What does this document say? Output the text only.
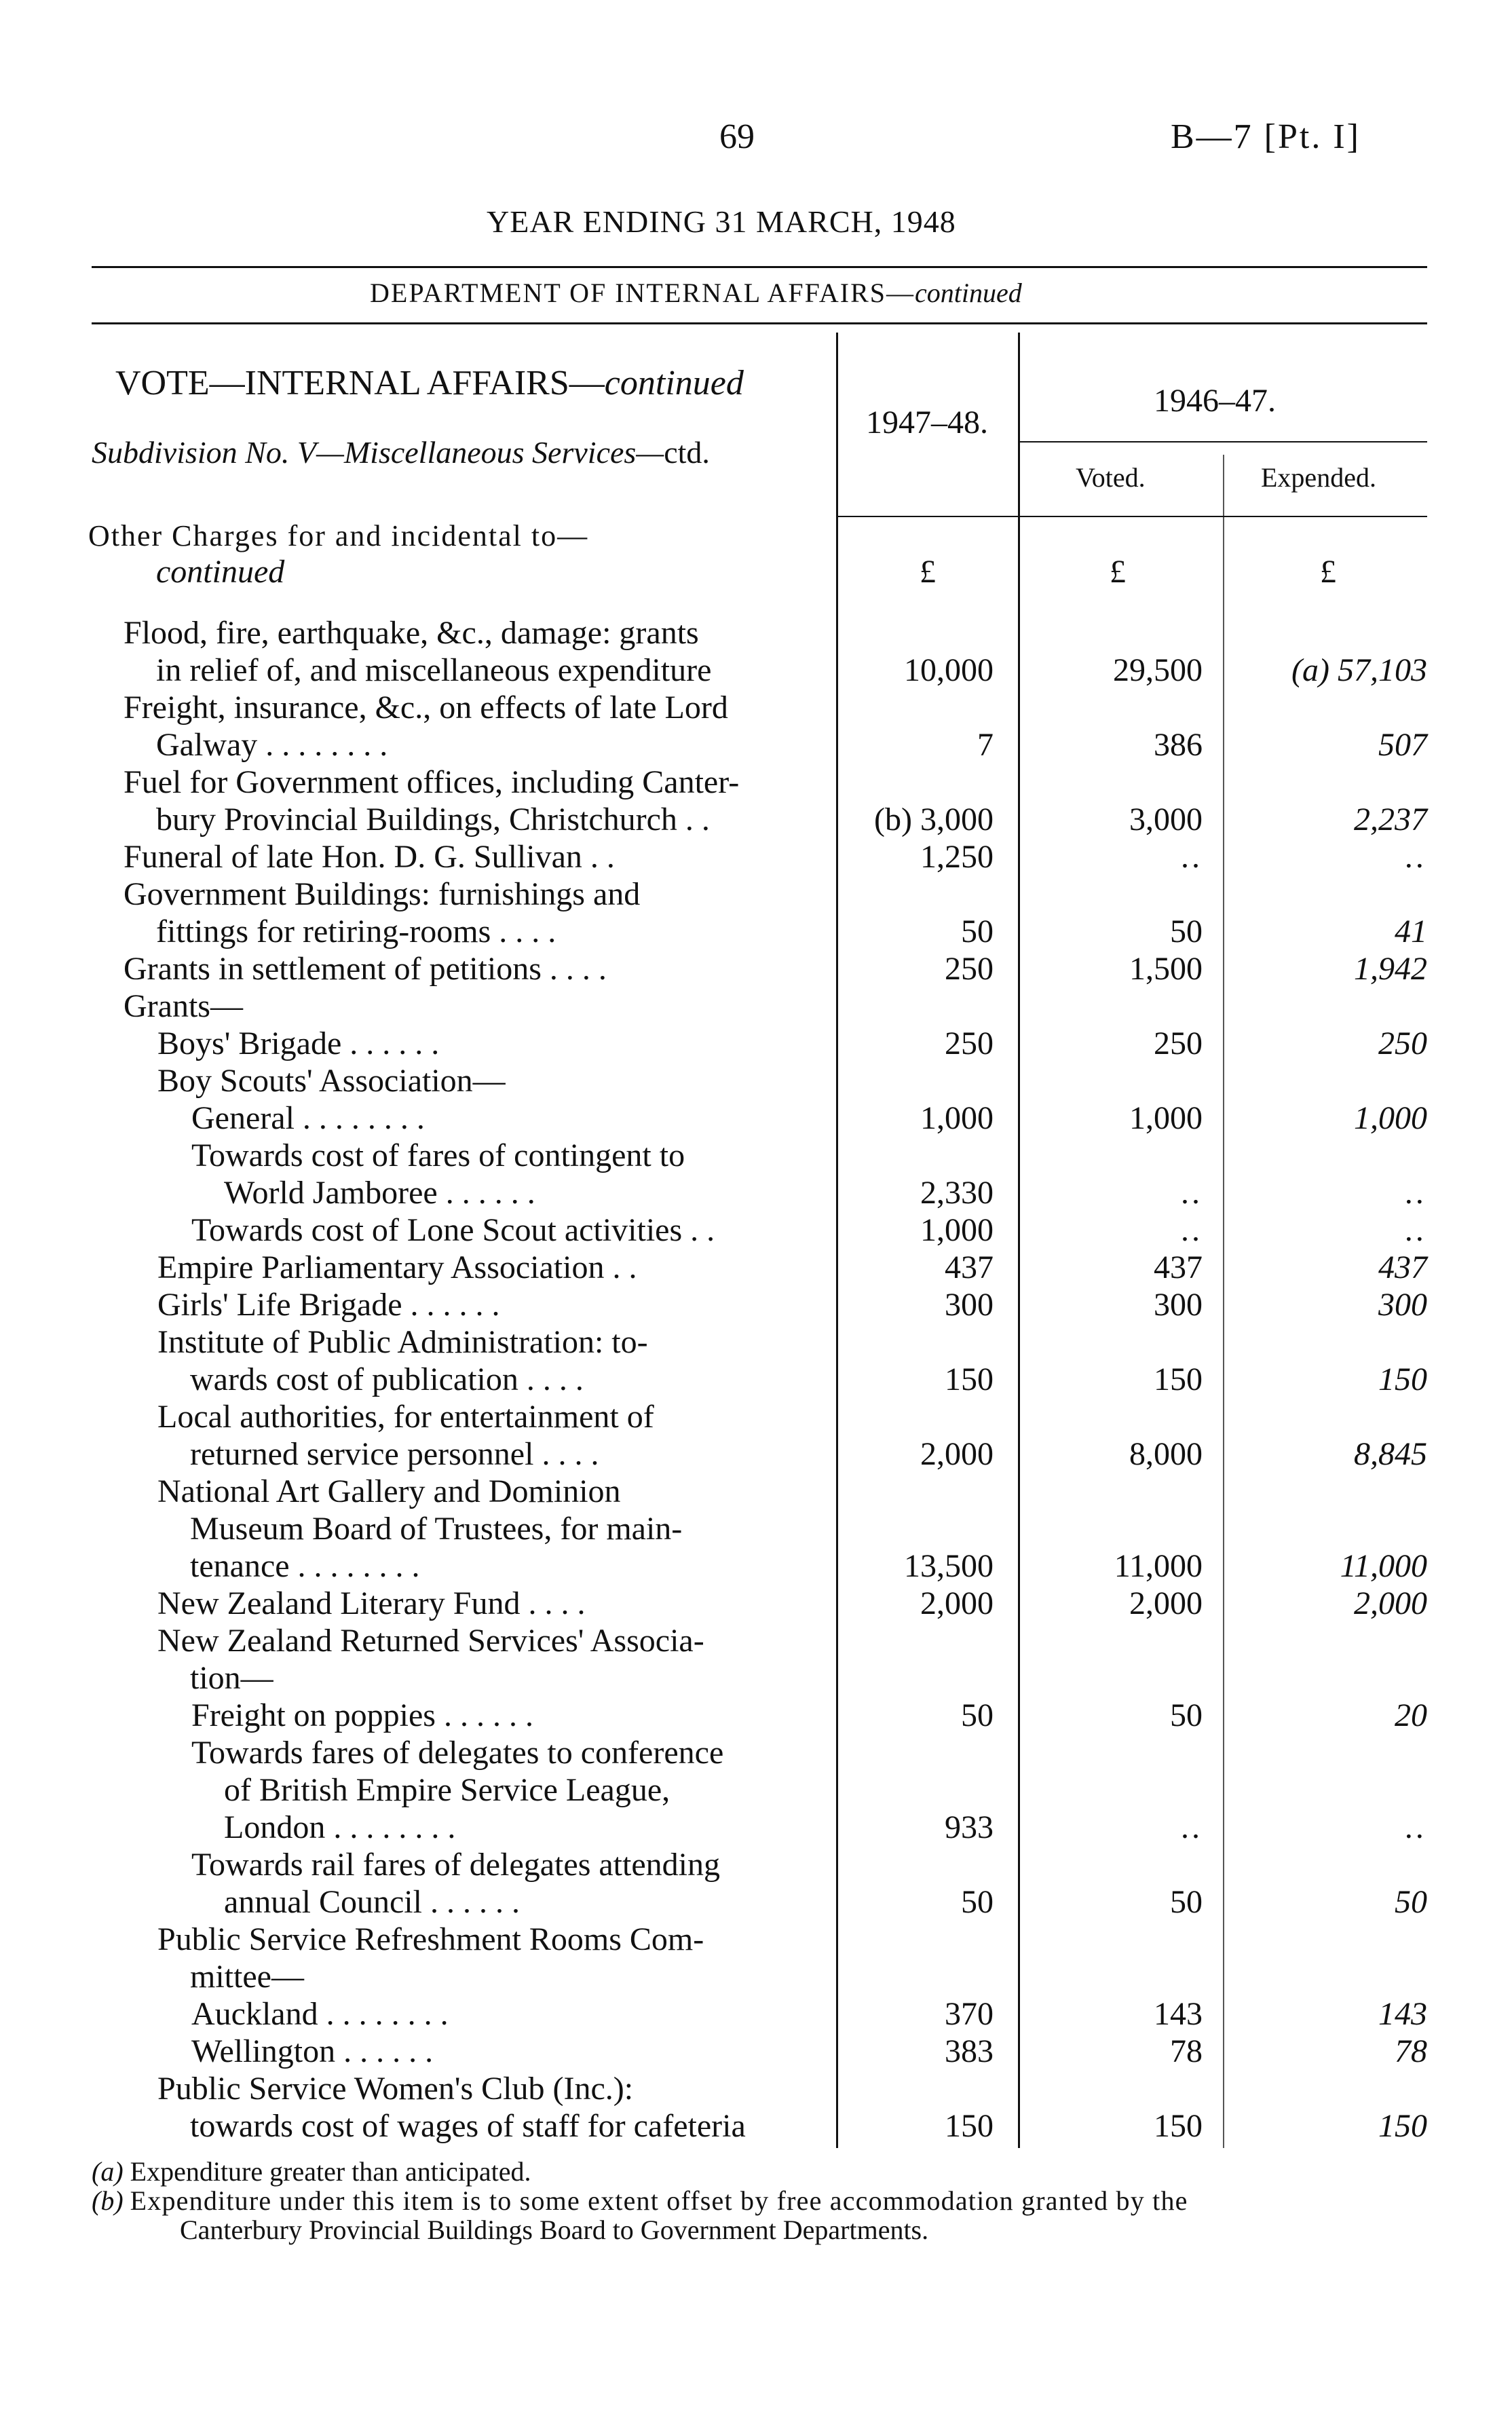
69	B—7 [Pt. I]
YEAR ENDING 31 MARCH, 1948
DEPARTMENT OF INTERNAL AFFAIRS—continued
VOTE—INTERNAL AFFAIRS—continued
Subdivision No. V—Miscellaneous Services—ctd.
1947–48.
1946–47.
Voted.	Expended.
Other Charges for and incidental to—
continued	£	£	£
Flood, fire, earthquake, &c., damage: grants
in relief of, and miscellaneous expenditure	10,000	29,500	(a) 57,103
Freight, insurance, &c., on effects of late Lord
Galway . . . . . . . .	7	386	507
Fuel for Government offices, including Canter-
bury Provincial Buildings, Christchurch . .	(b) 3,000	3,000	2,237
Funeral of late Hon. D. G. Sullivan . .	1,250	..	..
Government Buildings: furnishings and
fittings for retiring-rooms . . . .	50	50	41
Grants in settlement of petitions . . . .	250	1,500	1,942
Grants—
Boys' Brigade . . . . . .	250	250	250
Boy Scouts' Association—
General . . . . . . . .	1,000	1,000	1,000
Towards cost of fares of contingent to
World Jamboree . . . . . .	2,330	..	..
Towards cost of Lone Scout activities . .	1,000	..	..
Empire Parliamentary Association . .	437	437	437
Girls' Life Brigade . . . . . .	300	300	300
Institute of Public Administration: to-
wards cost of publication . . . .	150	150	150
Local authorities, for entertainment of
returned service personnel . . . .	2,000	8,000	8,845
National Art Gallery and Dominion
Museum Board of Trustees, for main-
tenance . . . . . . . .	13,500	11,000	11,000
New Zealand Literary Fund . . . .	2,000	2,000	2,000
New Zealand Returned Services' Associa-
tion—
Freight on poppies . . . . . .	50	50	20
Towards fares of delegates to conference
of British Empire Service League,
London . . . . . . . .	933	..	..
Towards rail fares of delegates attending
annual Council . . . . . .	50	50	50
Public Service Refreshment Rooms Com-
mittee—
Auckland . . . . . . . .	370	143	143
Wellington . . . . . .	383	78	78
Public Service Women's Club (Inc.):
towards cost of wages of staff for cafeteria	150	150	150
(a) Expenditure greater than anticipated.
(b) Expenditure under this item is to some extent offset by free accommodation granted by the
Canterbury Provincial Buildings Board to Government Departments.
